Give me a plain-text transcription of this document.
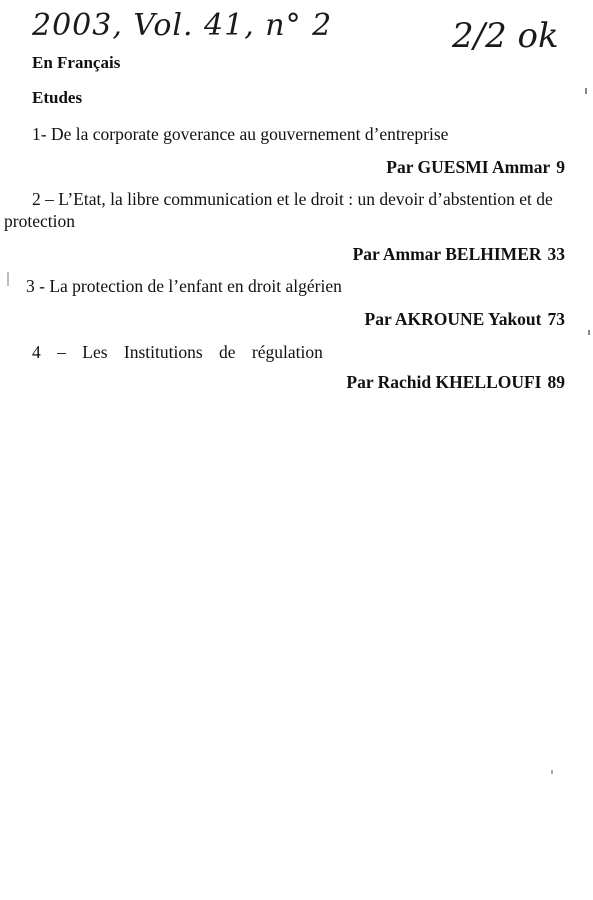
2003, Vol. 41, n° 2	2/2 ok
En Français
Etudes
1- De la corporate goverance au gouvernement d’entreprise
Par GUESMI Ammar 9
2 – L’Etat, la libre communication et le droit : un devoir d’abstention et de protection
Par Ammar BELHIMER 33
3 - La protection de l’enfant en droit algérien
Par AKROUNE Yakout 73
4 – Les Institutions de régulation
Par Rachid KHELLOUFI 89
